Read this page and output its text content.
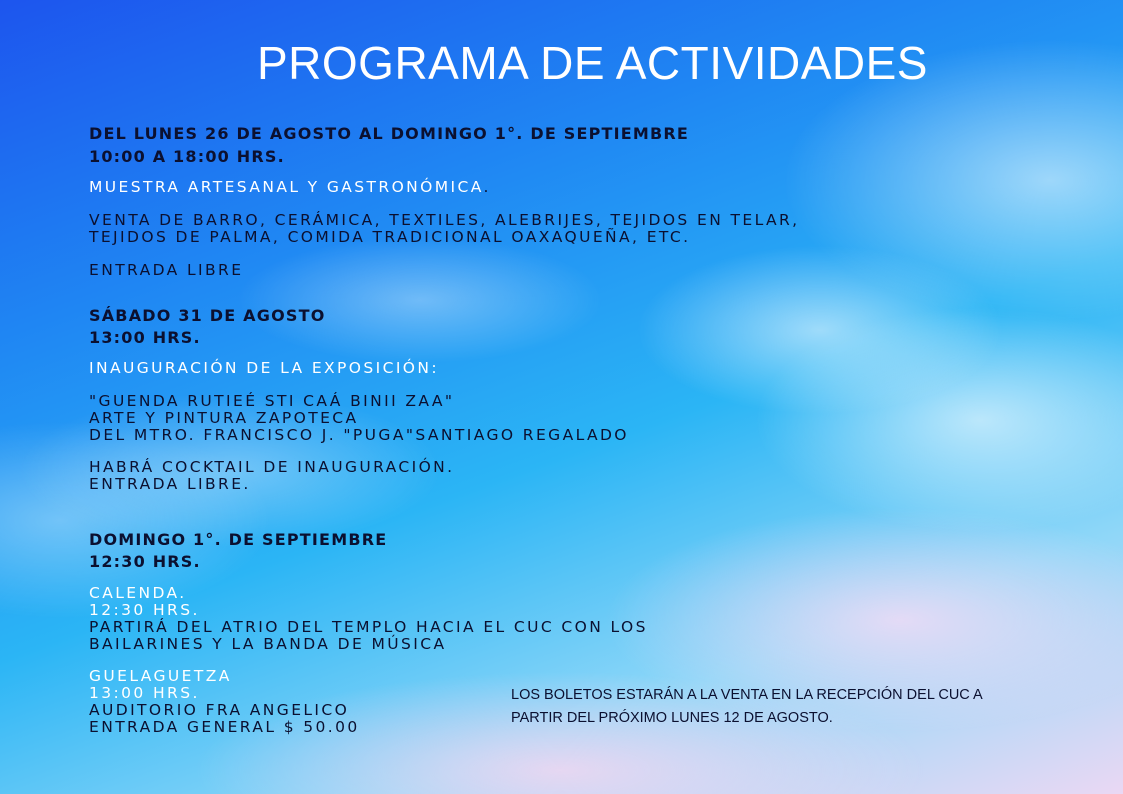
PROGRAMA DE ACTIVIDADES
DEL LUNES 26 DE AGOSTO AL DOMINGO 1°. DE SEPTIEMBRE
10:00 A 18:00 HRS.
MUESTRA ARTESANAL Y GASTRONÓMICA.
VENTA DE BARRO, CERÁMICA, TEXTILES, ALEBRIJES, TEJIDOS EN TELAR,
TEJIDOS DE PALMA, COMIDA TRADICIONAL OAXAQUEÑA, ETC.
ENTRADA LIBRE
SÁBADO 31 DE AGOSTO
13:00 HRS.
INAUGURACIÓN DE LA EXPOSICIÓN:
"GUENDA RUTIEÉ STI CAÁ BINII ZAA"
ARTE Y PINTURA ZAPOTECA
DEL MTRO. FRANCISCO J. "PUGA"SANTIAGO REGALADO
HABRÁ COCKTAIL DE INAUGURACIÓN.
ENTRADA LIBRE.
DOMINGO 1°. DE SEPTIEMBRE
12:30 HRS.
CALENDA.
12:30 HRS.
PARTIRÁ DEL ATRIO DEL TEMPLO HACIA EL CUC CON LOS
BAILARINES Y LA BANDA DE MÚSICA
GUELAGUETZA
13:00 HRS.
AUDITORIO FRA ANGELICO
ENTRADA GENERAL $ 50.00
LOS BOLETOS ESTARÁN A LA VENTA EN LA RECEPCIÓN DEL CUC A
PARTIR DEL PRÓXIMO LUNES 12 DE AGOSTO.
